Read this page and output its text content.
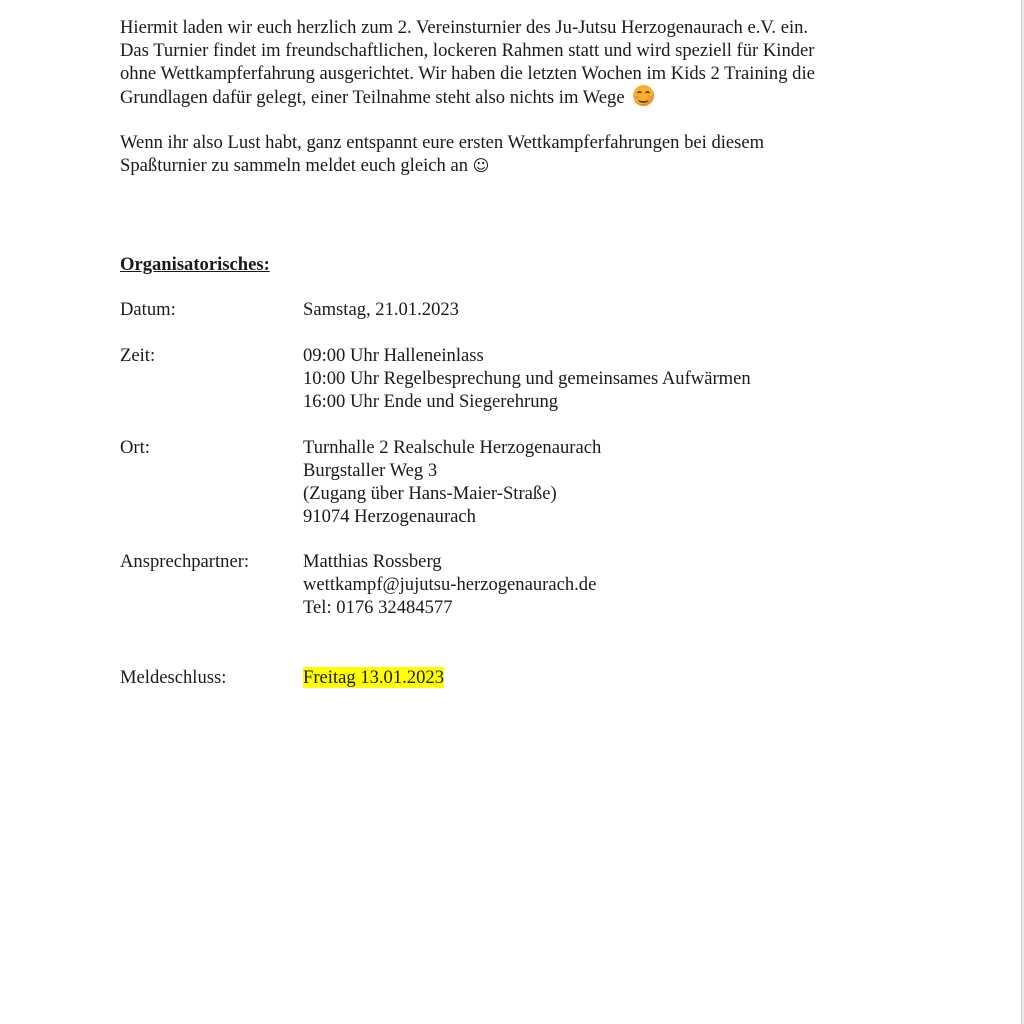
Hiermit laden wir euch herzlich zum 2. Vereinsturnier des Ju-Jutsu Herzogenaurach e.V. ein.
Das Turnier findet im freundschaftlichen, lockeren Rahmen statt und wird speziell für Kinder
ohne Wettkampferfahrung ausgerichtet. Wir haben die letzten Wochen im Kids 2 Training die
Grundlagen dafür gelegt, einer Teilnahme steht also nichts im Wege

Wenn ihr also Lust habt, ganz entspannt eure ersten Wettkampferfahrungen bei diesem
Spaßturnier zu sammeln meldet euch gleich an ☺

Organisatorisches:
Datum:	Samstag, 21.01.2023
Zeit:	09:00 Uhr Halleneinlass
10:00 Uhr Regelbesprechung und gemeinsames Aufwärmen
16:00 Uhr Ende und Siegerehrung
Ort:	Turnhalle 2 Realschule Herzogenaurach
Burgstaller Weg 3
(Zugang über Hans-Maier-Straße)
91074 Herzogenaurach
Ansprechpartner:	Matthias Rossberg
wettkampf@jujutsu-herzogenaurach.de
Tel: 0176 32484577
Meldeschluss:	Freitag 13.01.2023
